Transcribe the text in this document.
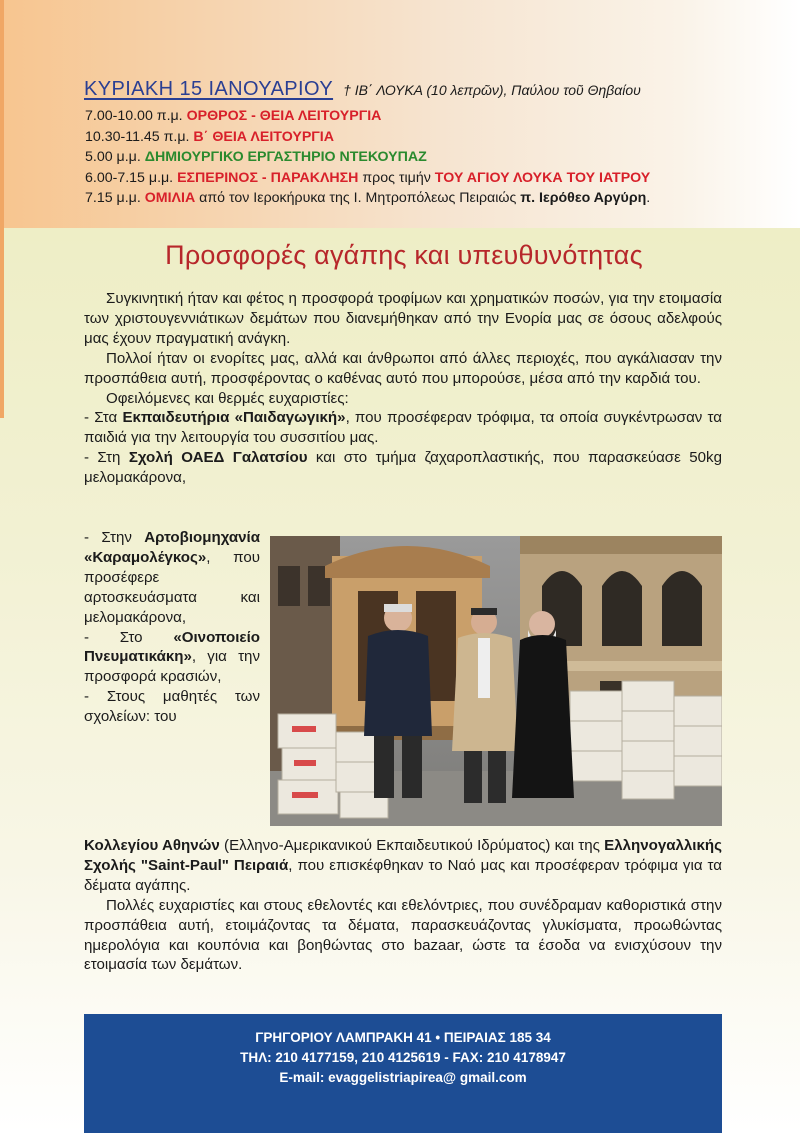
ΚΥΡΙΑΚΗ 15 ΙΑΝΟΥΑΡΙΟΥ † ΙΒ΄ ΛΟΥΚΑ (10 λεπρῶν), Παύλου τοῦ Θηβαίου
7.00-10.00 π.μ. ΟΡΘΡΟΣ - ΘΕΙΑ ΛΕΙΤΟΥΡΓΙΑ
10.30-11.45 π.μ. Β΄ ΘΕΙΑ ΛΕΙΤΟΥΡΓΙΑ
5.00 μ.μ. ΔΗΜΙΟΥΡΓΙΚΟ ΕΡΓΑΣΤΗΡΙΟ ΝΤΕΚΟΥΠΑΖ
6.00-7.15 μ.μ. ΕΣΠΕΡΙΝΟΣ - ΠΑΡΑΚΛΗΣΗ προς τιμήν ΤΟΥ ΑΓΙΟΥ ΛΟΥΚΑ ΤΟΥ ΙΑΤΡΟΥ
7.15 μ.μ. ΟΜΙΛΙΑ από τον Ιεροκήρυκα της Ι. Μητροπόλεως Πειραιώς π. Ιερόθεο Αργύρη.
Προσφορές αγάπης και υπευθυνότητας

Συγκινητική ήταν και φέτος η προσφορά τροφίμων και χρηματικών ποσών, για την ετοιμασία των χριστουγεννιάτικων δεμάτων που διανεμήθηκαν από την Ενορία μας σε όσους αδελφούς μας έχουν πραγματική ανάγκη.

Πολλοί ήταν οι ενορίτες μας, αλλά και άνθρωποι από άλλες περιοχές, που αγκάλιασαν την προσπάθεια αυτή, προσφέροντας ο καθένας αυτό που μπορούσε, μέσα από την καρδιά του.

Οφειλόμενες και θερμές ευχαριστίες:

- Στα Εκπαιδευτήρια «Παιδαγωγική», που προσέφεραν τρόφιμα, τα οποία συγκέντρωσαν τα παιδιά για την λειτουργία του συσσιτίου μας.

- Στη Σχολή ΟΑΕΔ Γαλατσίου και στο τμήμα ζαχαροπλαστικής, που παρασκεύασε 50kg μελομακάρονα,

- Στην Αρτοβιομηχανία «Καραμολέγκος», που προσέφερε αρτοσκευάσματα και μελομακάρονα,

- Στο «Οινοποιείο Πνευματικάκη», για την προσφορά κρασιών,

- Στους μαθητές των σχολείων: του

Κολλεγίου Αθηνών (Ελληνο-Αμερικανικού Εκπαιδευτικού Ιδρύματος) και της Ελληνογαλλικής Σχολής "Saint-Paul" Πειραιά, που επισκέφθηκαν το Ναό μας και προσέφεραν τρόφιμα για τα δέματα αγάπης.

Πολλές ευχαριστίες και στους εθελοντές και εθελόντριες, που συνέδραμαν καθοριστικά στην προσπάθεια αυτή, ετοιμάζοντας τα δέματα, παρασκευάζοντας γλυκίσματα, προωθώντας ημερολόγια και κουπόνια και βοηθώντας στο bazaar, ώστε τα έσοδα να ενισχύσουν την ετοιμασία των δεμάτων.

ΓΡΗΓΟΡΙΟΥ ΛΑΜΠΡΑΚΗ 41 • ΠΕΙΡΑΙΑΣ 185 34
ΤΗΛ: 210 4177159, 210 4125619 - FAX: 210 4178947
E-mail: evaggelistriapirea@ gmail.com
